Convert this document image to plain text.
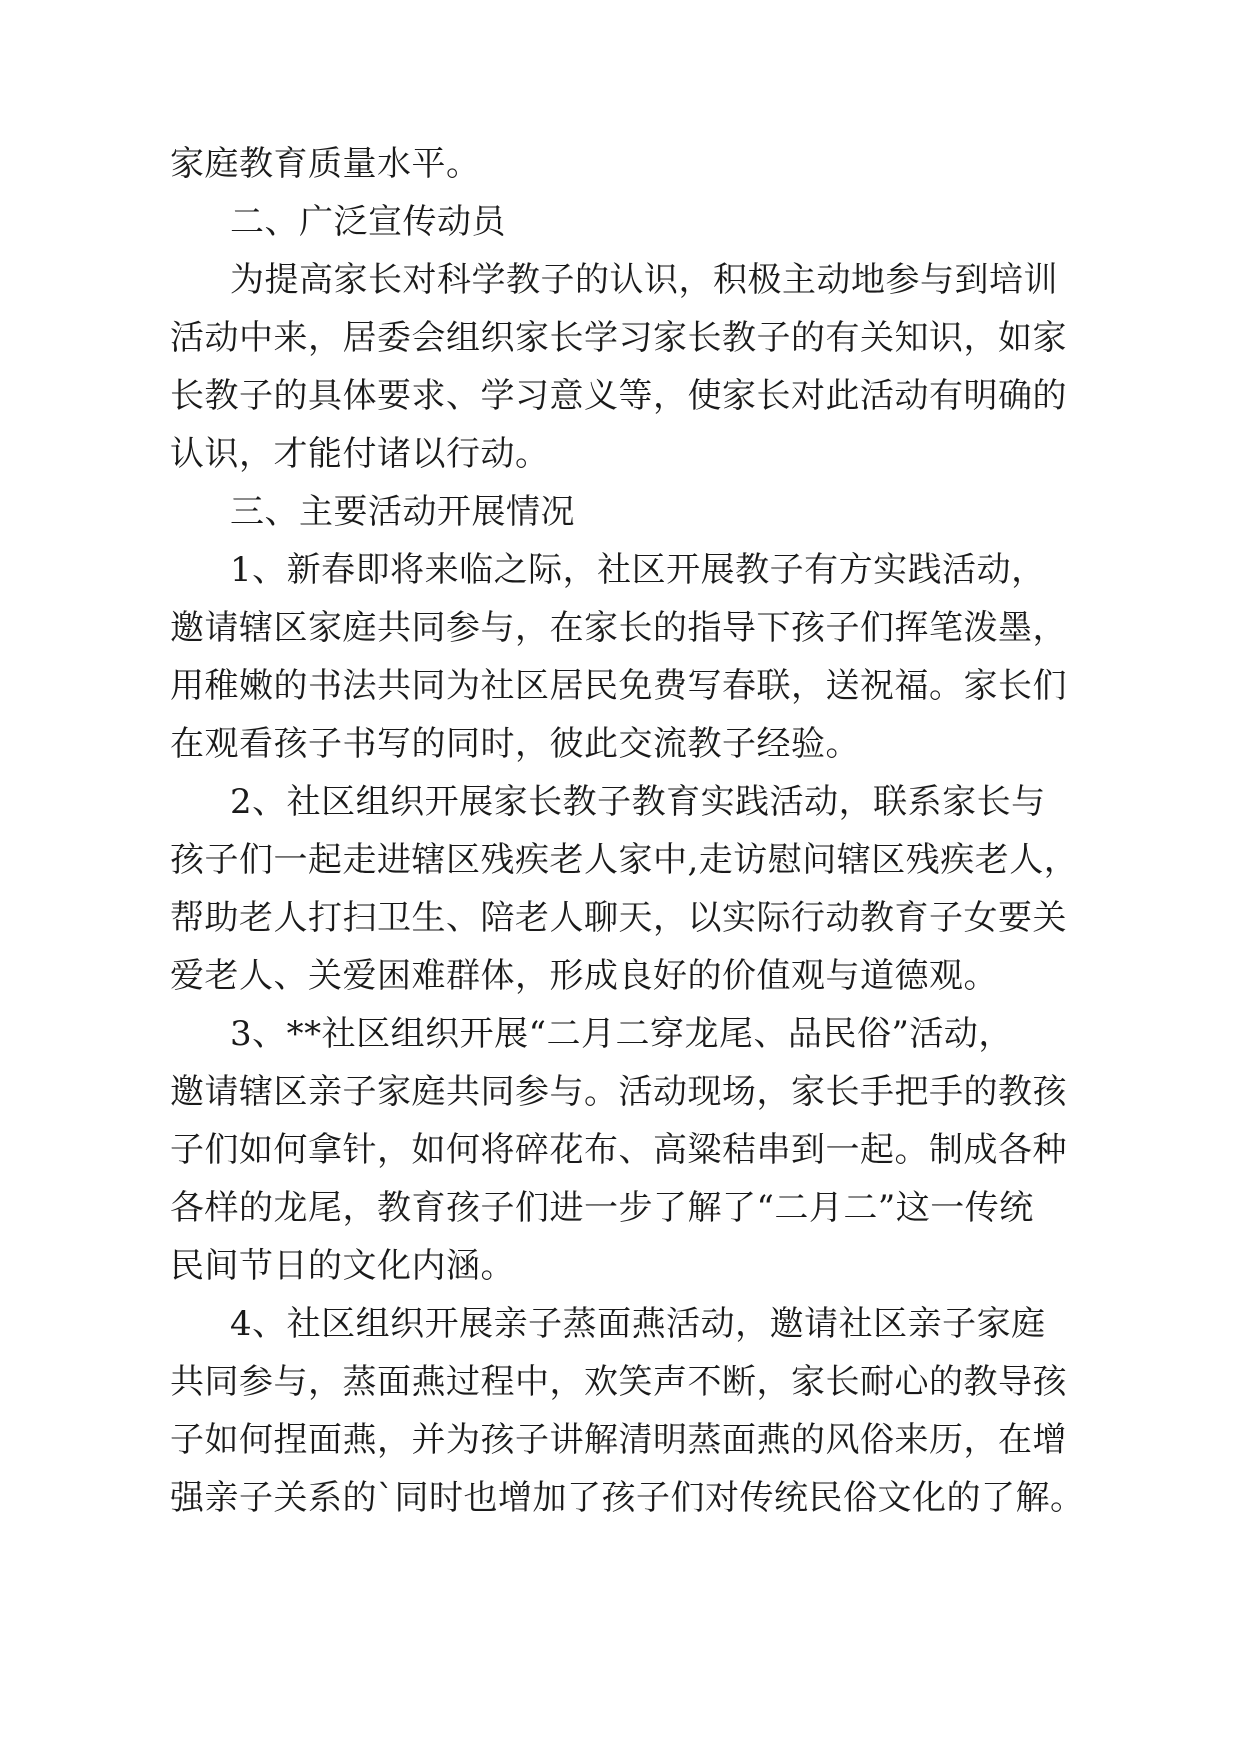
家庭教育质量水平。
二、广泛宣传动员
为提高家长对科学教子的认识，积极主动地参与到培训
活动中来，居委会组织家长学习家长教子的有关知识，如家
长教子的具体要求、学习意义等，使家长对此活动有明确的
认识，才能付诸以行动。
三、主要活动开展情况
1、新春即将来临之际，社区开展教子有方实践活动，
邀请辖区家庭共同参与，在家长的指导下孩子们挥笔泼墨，
用稚嫩的书法共同为社区居民免费写春联，送祝福。家长们
在观看孩子书写的同时，彼此交流教子经验。
2、社区组织开展家长教子教育实践活动，联系家长与
孩子们一起走进辖区残疾老人家中,走访慰问辖区残疾老人，
帮助老人打扫卫生、陪老人聊天，以实际行动教育子女要关
爱老人、关爱困难群体，形成良好的价值观与道德观。
3、**社区组织开展“二月二穿龙尾、品民俗”活动，
邀请辖区亲子家庭共同参与。活动现场，家长手把手的教孩
子们如何拿针，如何将碎花布、高粱秸串到一起。制成各种
各样的龙尾，教育孩子们进一步了解了“二月二”这一传统
民间节日的文化内涵。
4、社区组织开展亲子蒸面燕活动，邀请社区亲子家庭
共同参与，蒸面燕过程中，欢笑声不断，家长耐心的教导孩
子如何捏面燕，并为孩子讲解清明蒸面燕的风俗来历，在增
强亲子关系的`同时也增加了孩子们对传统民俗文化的了解。
